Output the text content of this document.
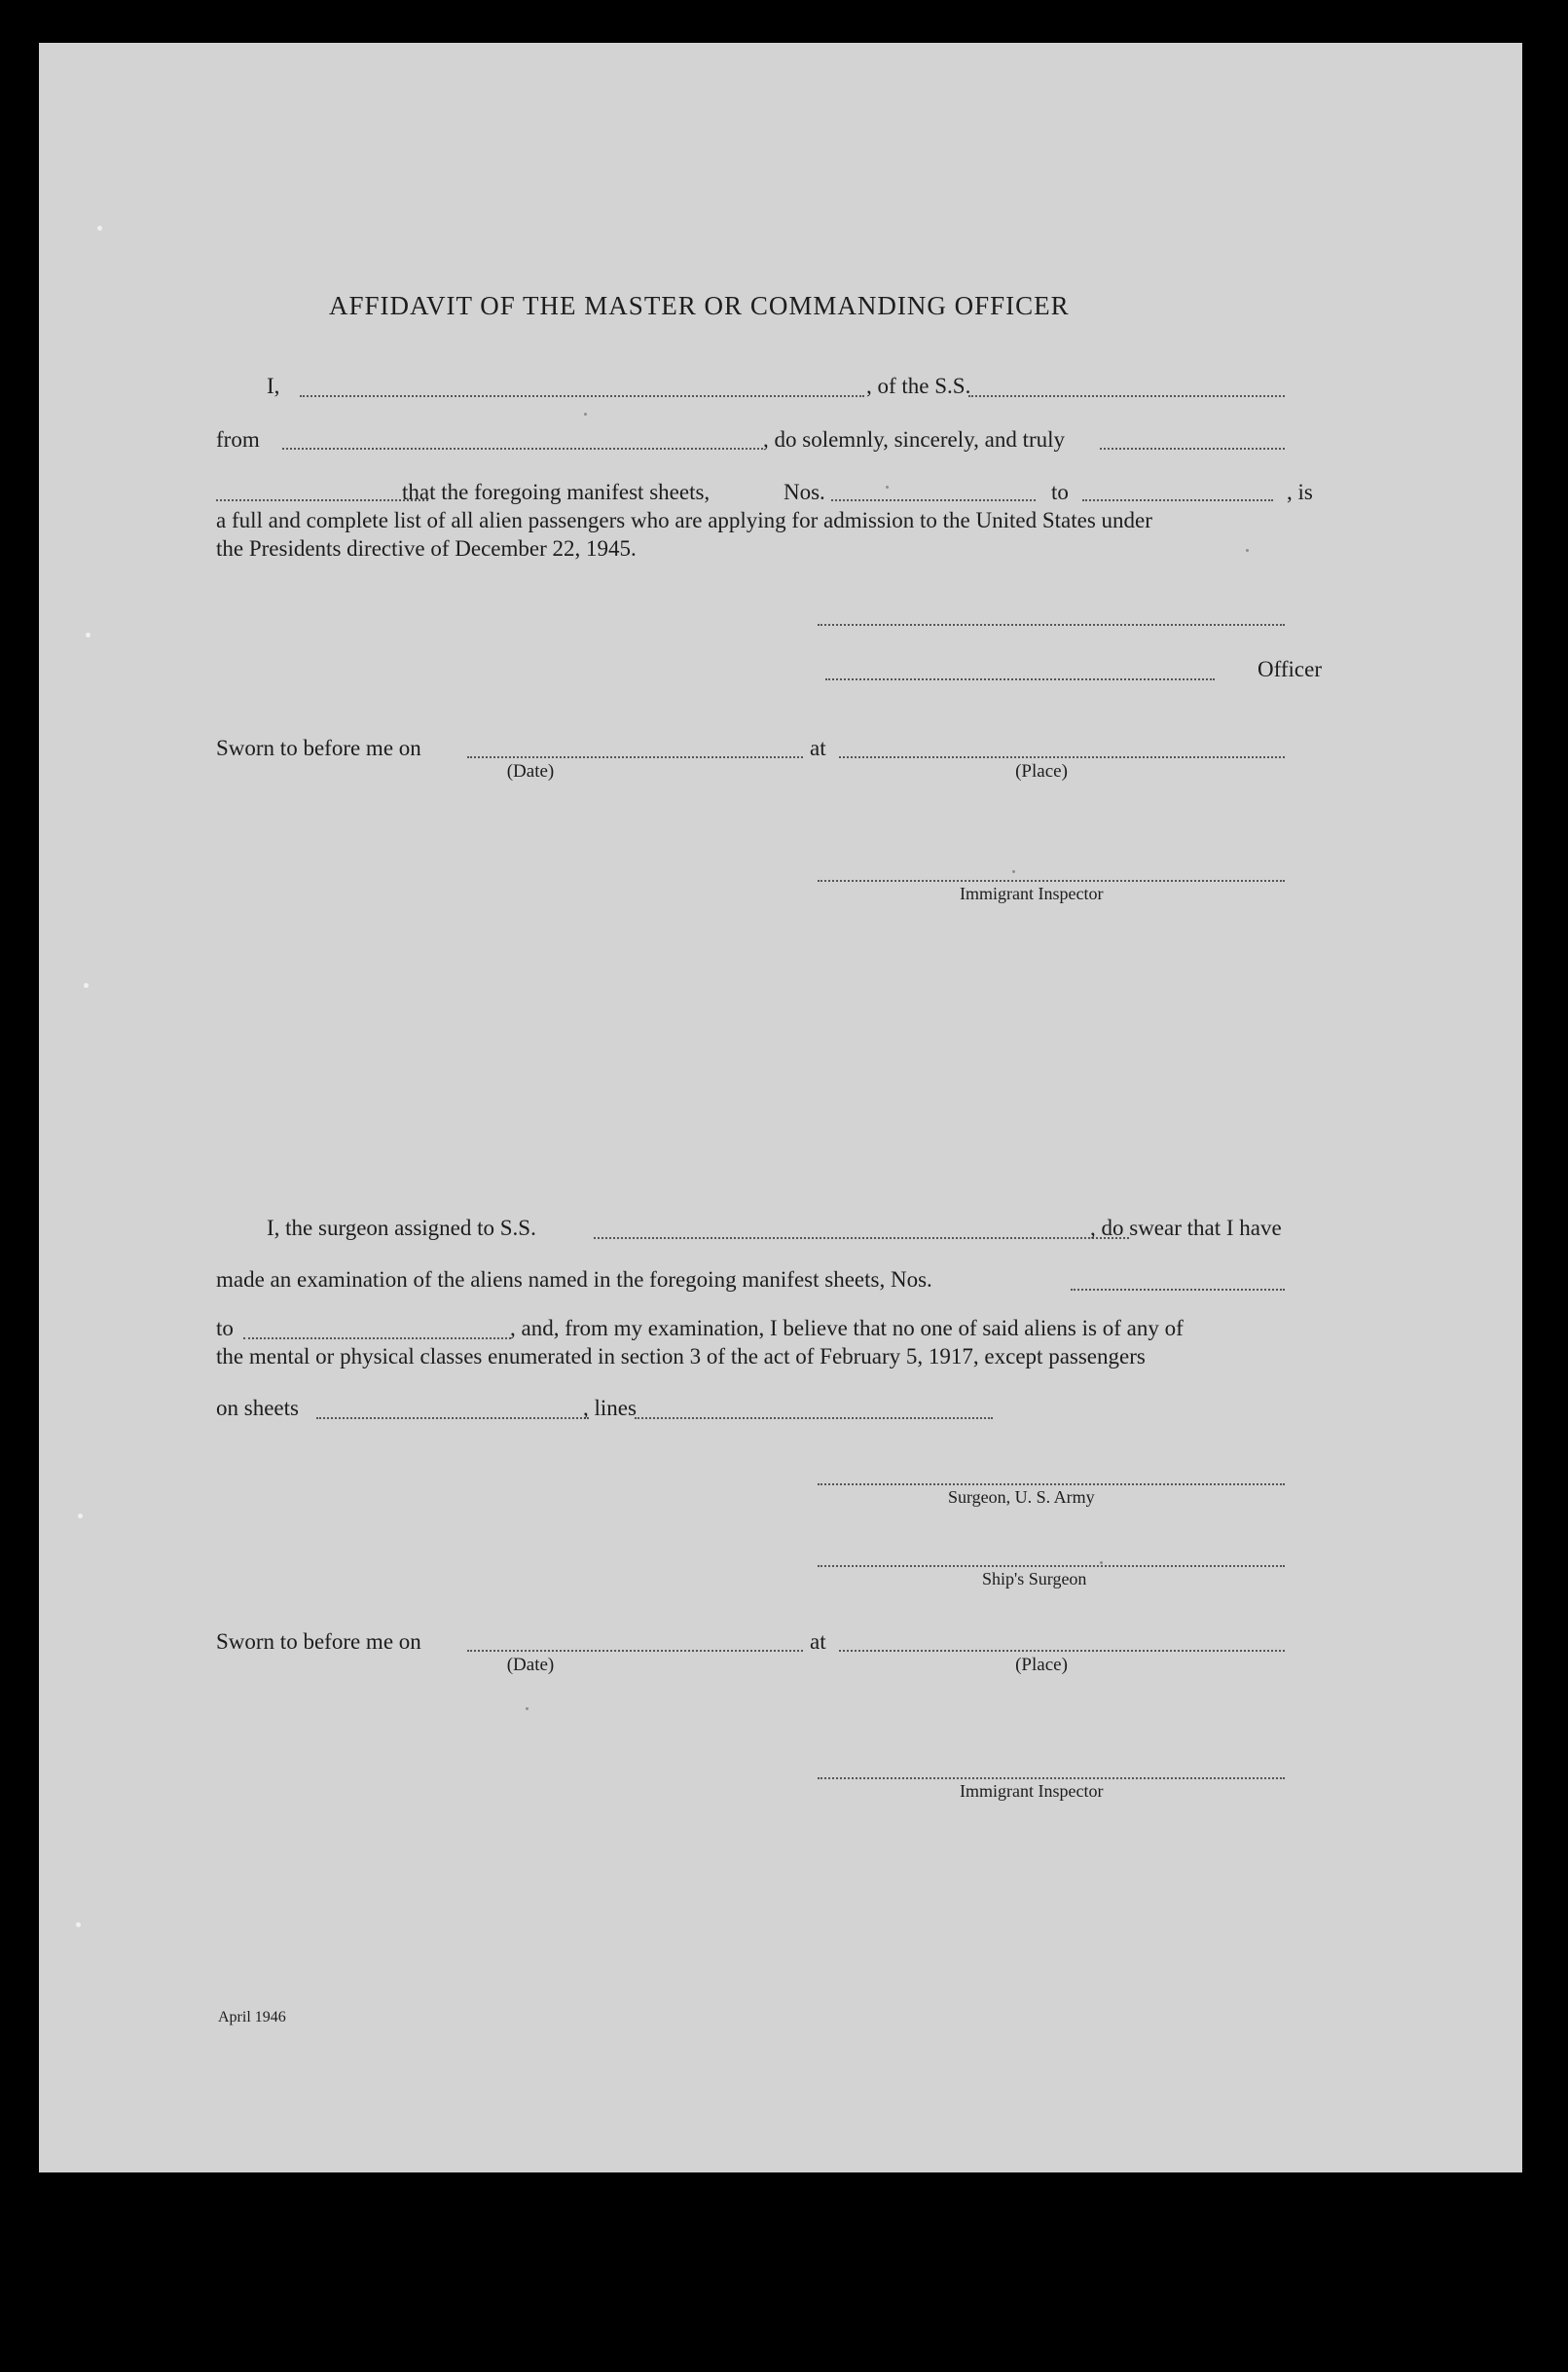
AFFIDAVIT OF THE MASTER OR COMMANDING OFFICER
I,	, of the S.S.
from	, do solemnly, sincerely, and truly
that the foregoing manifest sheets,	Nos.	to	, is
a full and complete list of all alien passengers who are applying for admission to the United States under
the Presidents directive of December 22, 1945.
Officer
Sworn to before me on	at
(Date)	(Place)
Immigrant Inspector
I, the surgeon assigned to S.S.	, do swear that I have
made an examination of the aliens named in the foregoing manifest sheets, Nos.
to	, and, from my examination, I believe that no one of said aliens is of any of
the mental or physical classes enumerated in section 3 of the act of February 5, 1917, except passengers
on sheets	, lines
Surgeon, U. S. Army
Ship's Surgeon
Sworn to before me on	at
(Date)	(Place)
Immigrant Inspector
April 1946
